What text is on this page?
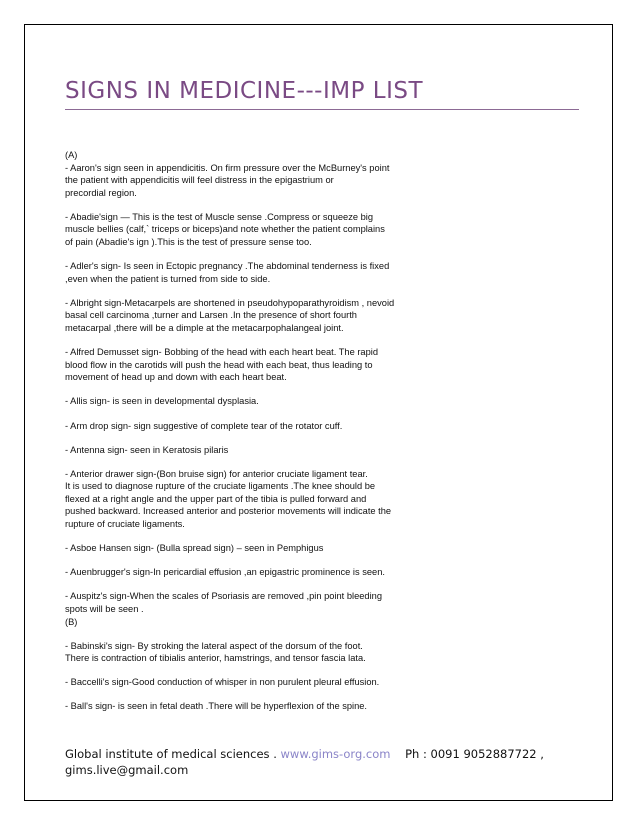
SIGNS IN MEDICINE---IMP LIST

(A)

- Aaron's sign seen in appendicitis. On firm pressure over the McBurney's point
the patient with appendicitis will feel distress in the epigastrium or
precordial region.

- Abadie'sign — This is the test of Muscle sense .Compress or squeeze big
muscle bellies (calf,` triceps or biceps)and note whether the patient complains
of pain (Abadie's ign ).This is the test of pressure sense too.

- Adler's sign- Is seen in Ectopic pregnancy .The abdominal tenderness is fixed
,even when the patient is turned from side to side.

- Albright sign-Metacarpels are shortened in pseudohypoparathyroidism , nevoid
basal cell carcinoma ,turner and Larsen .In the presence of short fourth
metacarpal ,there will be a dimple at the metacarpophalangeal joint.

- Alfred Demusset sign- Bobbing of the head with each heart beat. The rapid
blood flow in the carotids will push the head with each beat, thus leading to
movement of head up and down with each heart beat.

- Allis sign- is seen in developmental dysplasia.

- Arm drop sign- sign suggestive of complete tear of the rotator cuff.

- Antenna sign- seen in Keratosis pilaris

- Anterior drawer sign-(Bon bruise sign) for anterior cruciate ligament tear.
It is used to diagnose rupture of the cruciate ligaments .The knee should be
flexed at a right angle and the upper part of the tibia is pulled forward and
pushed backward. Increased anterior and posterior movements will indicate the
rupture of cruciate ligaments.

- Asboe Hansen sign- (Bulla spread sign) – seen in Pemphigus

- Auenbrugger's sign-In pericardial effusion ,an epigastric prominence is seen.

- Auspitz's sign-When the scales of Psoriasis are removed ,pin point bleeding
spots will be seen .

(B)

- Babinski's sign- By stroking the lateral aspect of the dorsum of the foot.
There is contraction of tibialis anterior, hamstrings, and tensor fascia lata.

- Baccelli's sign-Good conduction of whisper in non purulent pleural effusion.

- Ball's sign- is seen in fetal death .There will be hyperflexion of the spine.

Global institute of medical sciences . www.gims-org.com Ph : 0091 9052887722 ,
gims.live@gmail.com
